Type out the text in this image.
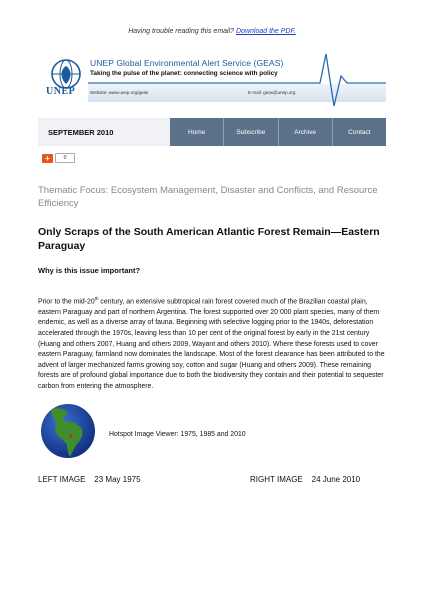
Having trouble reading this email? Download the PDF.
UNEP
UNEP Global Environmental Alert Service (GEAS)
Taking the pulse of the planet: connecting science with policy
Website: www.unep.org/geas	E-mail: geas@unep.org
SEPTEMBER 2010	Home	Subscribe	Archive	Contact
+	0
Thematic Focus: Ecosystem Management, Disaster and Conflicts, and Resource Efficiency
Only Scraps of the South American Atlantic Forest Remain—Eastern Paraguay
Why is this issue important?
Prior to the mid-20th century, an extensive subtropical rain forest covered much of the Brazilian coastal plain, eastern Paraguay and part of northern Argentina. The forest supported over 20 000 plant species, many of them endemic, as well as a diverse array of fauna. Beginning with selective logging prior to the 1940s, deforestation accelerated through the 1970s, leaving less than 10 per cent of the original forest by early in the 21st century (Huang and others 2007, Huang and others 2009, Wayant and others 2010). Where these forests used to cover eastern Paraguay, farmland now dominates the landscape. Most of the forest clearance has been attributed to the advent of larger mechanized farms growing soy, cotton and sugar (Huang and others 2009). These remaining forests are of profound global importance due to both the biodiversity they contain and their potential to sequester carbon from entering the atmosphere.
Hotspot Image Viewer: 1975, 1985 and 2010
LEFT IMAGE    23 May 1975	RIGHT IMAGE    24 June 2010
